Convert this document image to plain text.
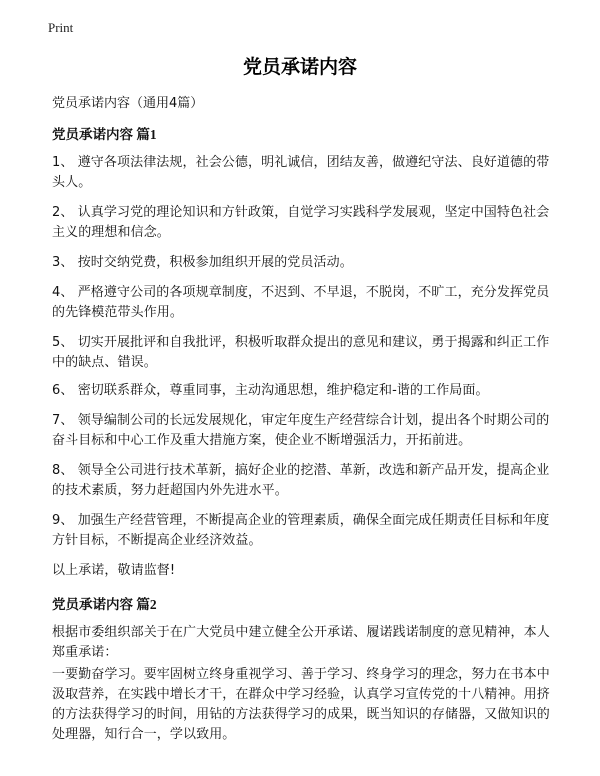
Print
党员承诺内容
党员承诺内容（通用4篇）
党员承诺内容 篇1
1、 遵守各项法律法规，社会公德，明礼诚信，团结友善，做遵纪守法、良好道德的带头人。
2、 认真学习党的理论知识和方针政策，自觉学习实践科学发展观，坚定中国特色社会主义的理想和信念。
3、 按时交纳党费，积极参加组织开展的党员活动。
4、 严格遵守公司的各项规章制度，不迟到、不早退，不脱岗，不旷工，充分发挥党员的先锋模范带头作用。
5、 切实开展批评和自我批评，积极听取群众提出的意见和建议，勇于揭露和纠正工作中的缺点、错误。
6、 密切联系群众，尊重同事，主动沟通思想，维护稳定和-谐的工作局面。
7、 领导编制公司的长远发展规化，审定年度生产经营综合计划，提出各个时期公司的奋斗目标和中心工作及重大措施方案，使企业不断增强活力，开拓前进。
8、 领导全公司进行技术革新，搞好企业的挖潜、革新，改选和新产品开发，提高企业的技术素质，努力赶超国内外先进水平。
9、 加强生产经营管理，不断提高企业的管理素质，确保全面完成任期责任目标和年度方针目标，不断提高企业经济效益。
以上承诺，敬请监督!
党员承诺内容 篇2
根据市委组织部关于在广大党员中建立健全公开承诺、履诺践诺制度的意见精神，本人郑重承诺：
一要勤奋学习。要牢固树立终身重视学习、善于学习、终身学习的理念，努力在书本中汲取营养，在实践中增长才干，在群众中学习经验，认真学习宣传党的十八精神。用挤的方法获得学习的时间，用钻的方法获得学习的成果，既当知识的存储器，又做知识的处理器，知行合一，学以致用。
